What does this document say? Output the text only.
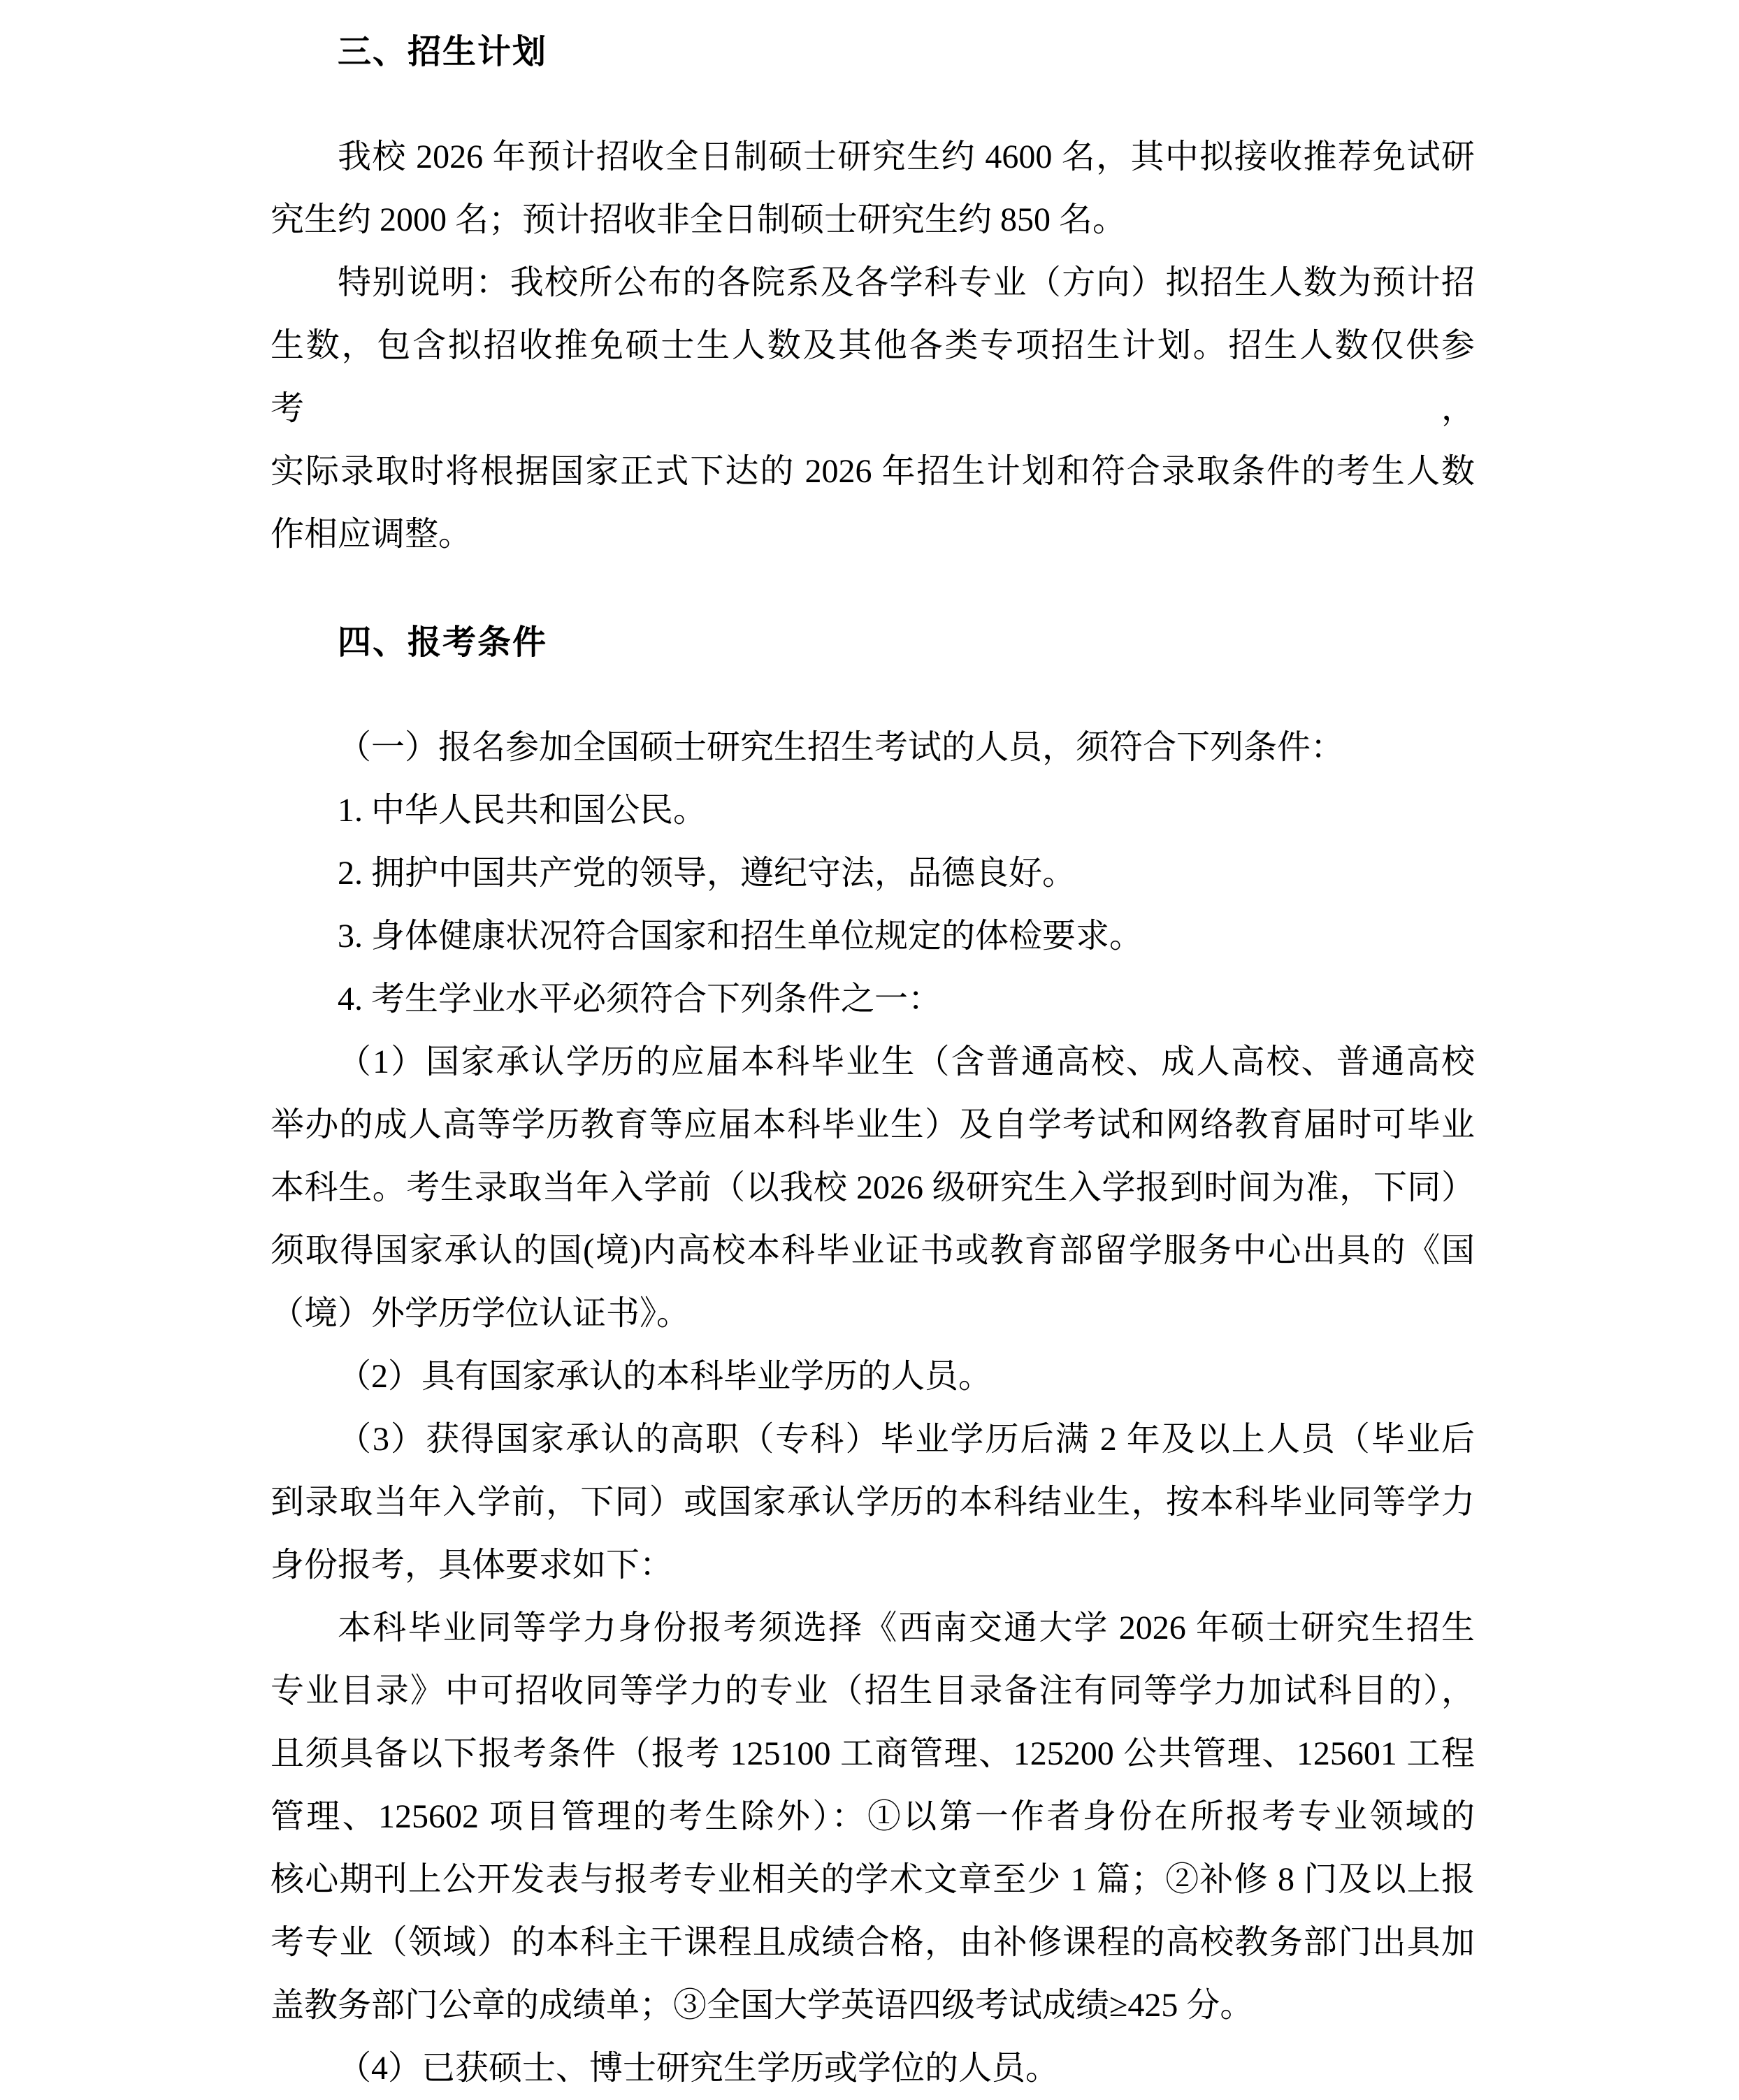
三、招生计划
我校 2026 年预计招收全日制硕士研究生约 4600 名，其中拟接收推荐免试研
究生约 2000 名；预计招收非全日制硕士研究生约 850 名。
特别说明：我校所公布的各院系及各学科专业（方向）拟招生人数为预计招
生数，包含拟招收推免硕士生人数及其他各类专项招生计划。招生人数仅供参考，
实际录取时将根据国家正式下达的 2026 年招生计划和符合录取条件的考生人数
作相应调整。
四、报考条件
（一）报名参加全国硕士研究生招生考试的人员，须符合下列条件：
1. 中华人民共和国公民。
2. 拥护中国共产党的领导，遵纪守法，品德良好。
3. 身体健康状况符合国家和招生单位规定的体检要求。
4. 考生学业水平必须符合下列条件之一：
（1）国家承认学历的应届本科毕业生（含普通高校、成人高校、普通高校
举办的成人高等学历教育等应届本科毕业生）及自学考试和网络教育届时可毕业
本科生。考生录取当年入学前（以我校 2026 级研究生入学报到时间为准，下同）
须取得国家承认的国(境)内高校本科毕业证书或教育部留学服务中心出具的《国
（境）外学历学位认证书》。
（2）具有国家承认的本科毕业学历的人员。
（3）获得国家承认的高职（专科）毕业学历后满 2 年及以上人员（毕业后
到录取当年入学前，下同）或国家承认学历的本科结业生，按本科毕业同等学力
身份报考，具体要求如下：
本科毕业同等学力身份报考须选择《西南交通大学 2026 年硕士研究生招生
专业目录》中可招收同等学力的专业（招生目录备注有同等学力加试科目的），
且须具备以下报考条件（报考 125100 工商管理、125200 公共管理、125601 工程
管理、125602 项目管理的考生除外）：①以第一作者身份在所报考专业领域的
核心期刊上公开发表与报考专业相关的学术文章至少 1 篇；②补修 8 门及以上报
考专业（领域）的本科主干课程且成绩合格，由补修课程的高校教务部门出具加
盖教务部门公章的成绩单；③全国大学英语四级考试成绩≥425 分。
（4）已获硕士、博士研究生学历或学位的人员。
